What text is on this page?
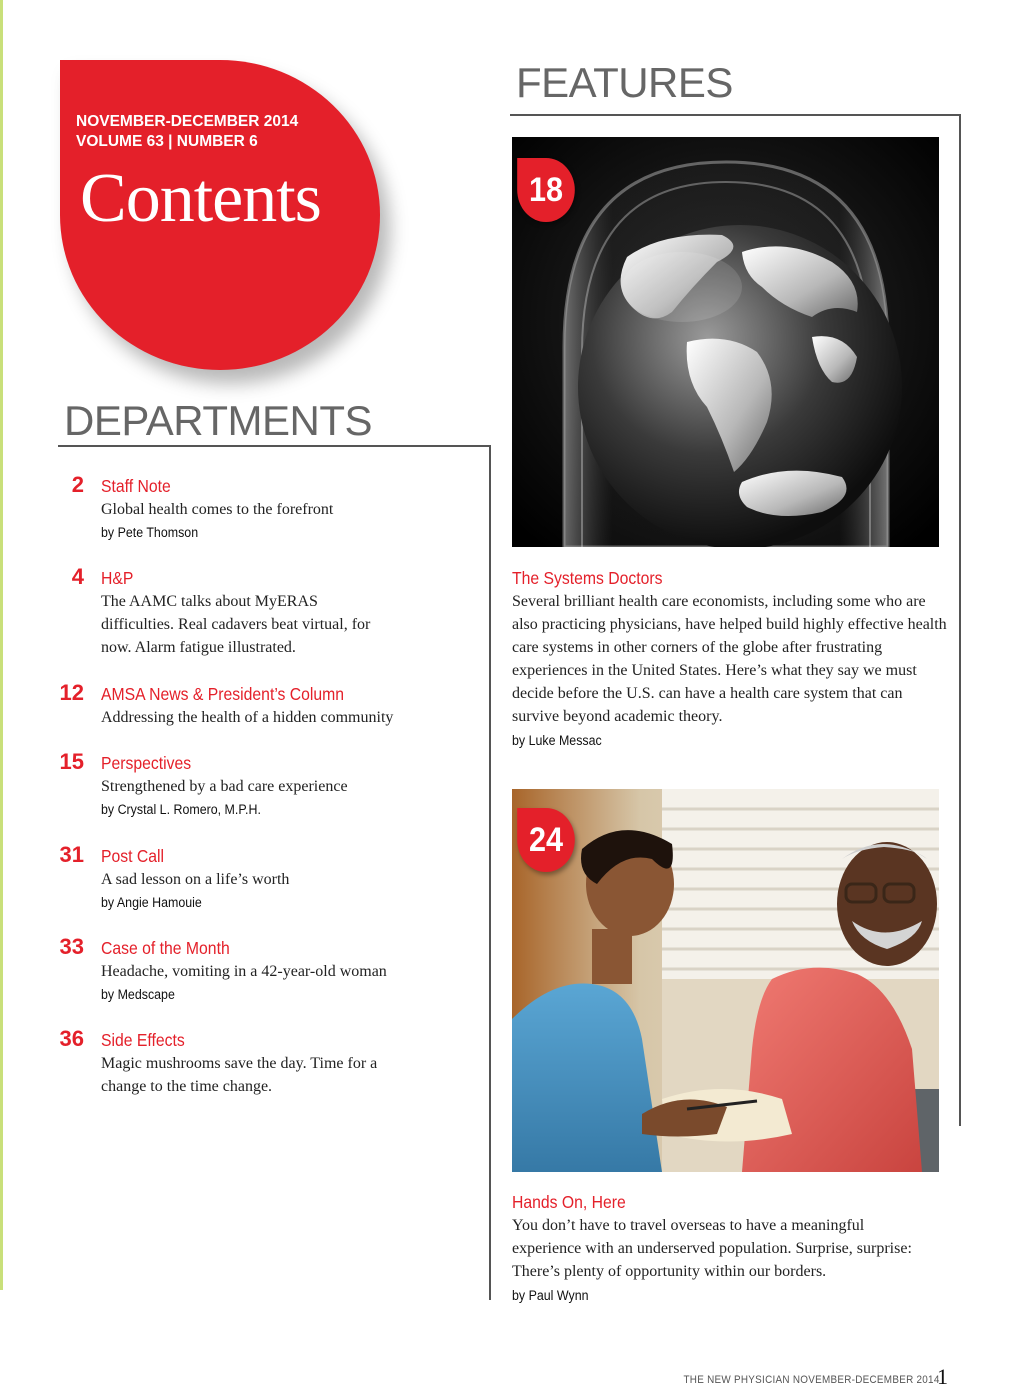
NOVEMBER-DECEMBER 2014
VOLUME 63 | NUMBER 6
Contents
FEATURES
DEPARTMENTS
2 Staff Note
Global health comes to the forefront
by Pete Thomson
4 H&P
The AAMC talks about MyERAS difficulties. Real cadavers beat virtual, for now. Alarm fatigue illustrated.
12 AMSA News & President’s Column
Addressing the health of a hidden community
15 Perspectives
Strengthened by a bad care experience
by Crystal L. Romero, M.P.H.
31 Post Call
A sad lesson on a life’s worth
by Angie Hamouie
33 Case of the Month
Headache, vomiting in a 42-year-old woman
by Medscape
36 Side Effects
Magic mushrooms save the day. Time for a change to the time change.
18
The Systems Doctors
Several brilliant health care economists, including some who are also practicing physicians, have helped build highly effective health care systems in other corners of the globe after frustrating experiences in the United States. Here’s what they say we must decide before the U.S. can have a health care system that can survive beyond academic theory.
by Luke Messac
24
Hands On, Here
You don’t have to travel overseas to have a meaningful experience with an underserved population. Surprise, surprise: There’s plenty of opportunity within our borders.
by Paul Wynn
THE NEW PHYSICIAN NOVEMBER-DECEMBER 2014
1
